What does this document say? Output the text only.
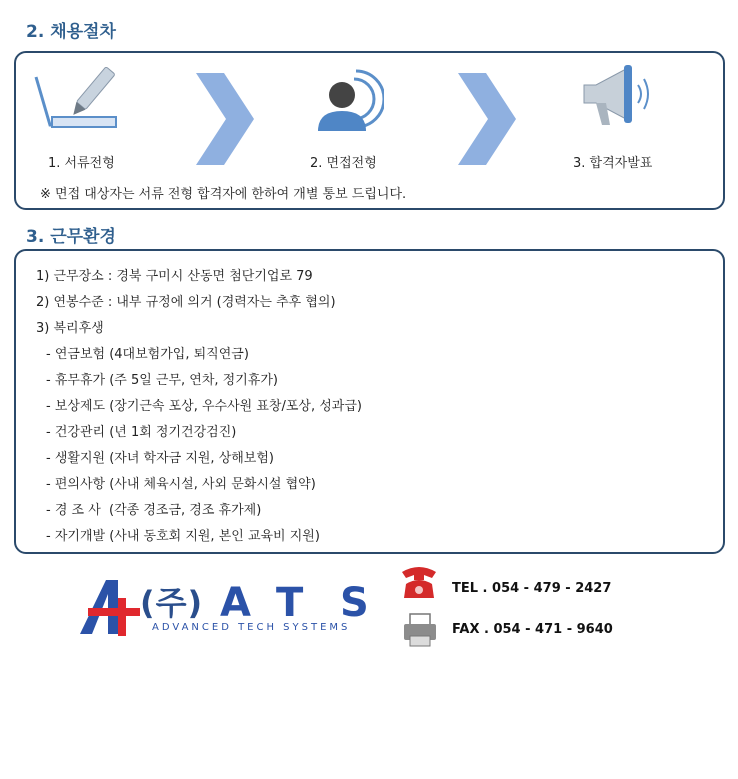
2. 채용절차
1. 서류전형	2. 면접전형	3. 합격자발표
※ 면접 대상자는 서류 전형 합격자에 한하여 개별 통보 드립니다.
3. 근무환경
1) 근무장소 : 경북 구미시 산동면 첨단기업로 79
2) 연봉수준 : 내부 규정에 의거 (경력자는 추후 협의)
3) 복리후생
- 연금보험 (4대보험가입, 퇴직연금)
- 휴무휴가 (주 5일 근무, 연차, 정기휴가)
- 보상제도 (장기근속 포상, 우수사원 표창/포상, 성과급)
- 건강관리 (년 1회 정기건강검진)
- 생활지원 (자녀 학자금 지원, 상해보험)
- 편의사항 (사내 체육시설, 사외 문화시설 협약)
- 경 조 사  (각종 경조금, 경조 휴가제)
- 자기개발 (사내 동호회 지원, 본인 교육비 지원)
(주) A T S
ADVANCED TECH SYSTEMS
TEL . 054 - 479 - 2427
FAX . 054 - 471 - 9640
